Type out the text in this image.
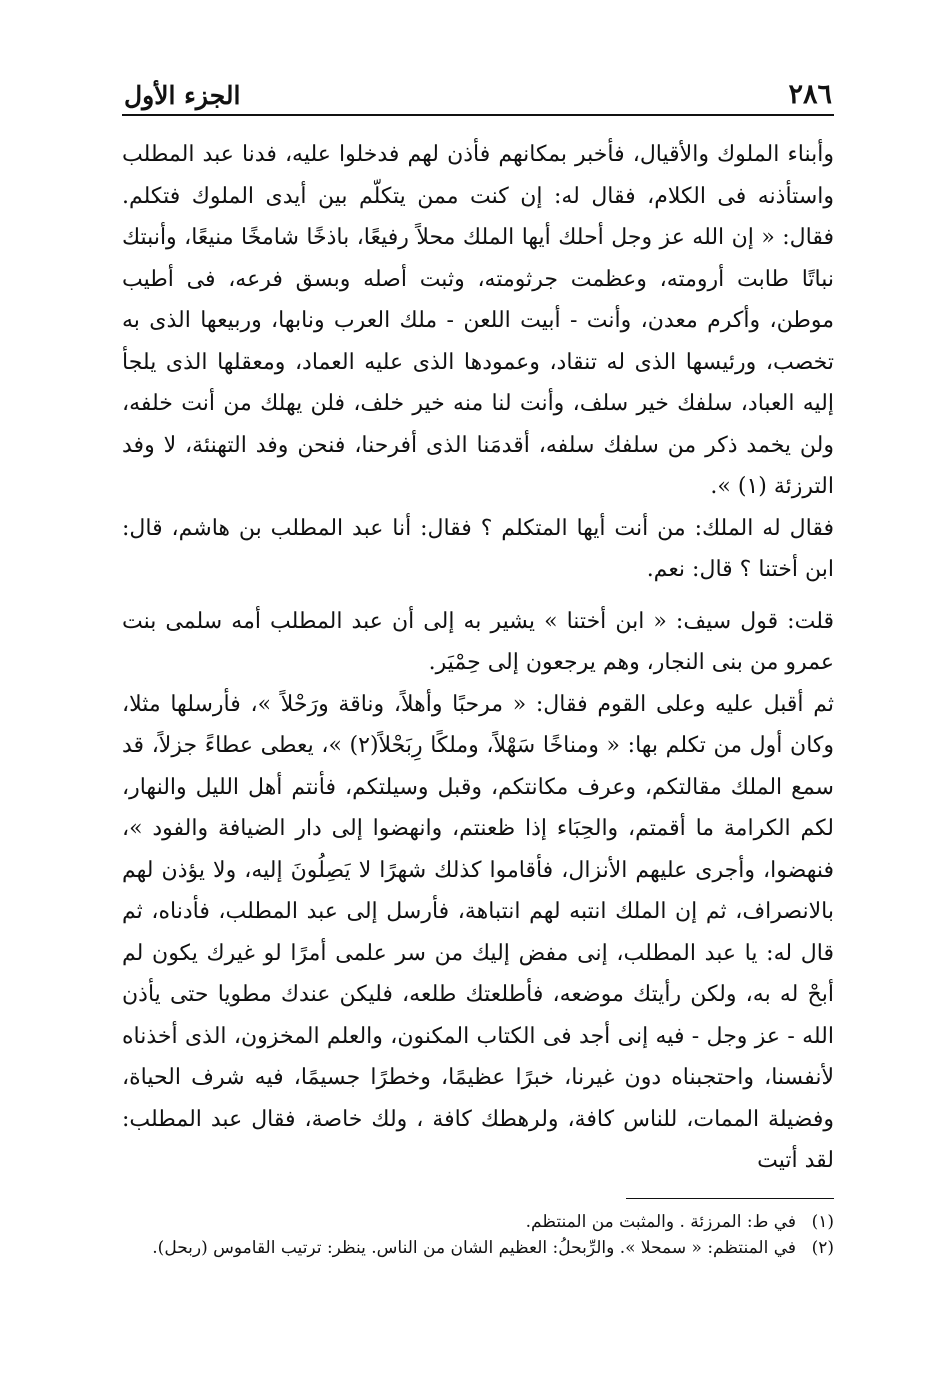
٢٨٦
الجزء الأول

وأبناء الملوك والأقيال، فأخبر بمكانهم فأذن لهم فدخلوا عليه، فدنا عبد المطلب واستأذنه فى الكلام، فقال له: إن كنت ممن يتكلّم بين أيدى الملوك فتكلم. فقال: « إن الله عز وجل أحلك أيها الملك محلاً رفيعًا، باذخًا شامخًا منيعًا، وأنبتك نباتًا طابت أرومته، وعظمت جرثومته، وثبت أصله وبسق فرعه، فى أطيب موطن، وأكرم معدن، وأنت - أبيت اللعن - ملك العرب ونابها، وربيعها الذى به تخصب، ورئيسها الذى له تنقاد، وعمودها الذى عليه العماد، ومعقلها الذى يلجأ إليه العباد، سلفك خير سلف، وأنت لنا منه خير خلف، فلن يهلك من أنت خلفه، ولن يخمد ذكر من سلفك سلفه، أقدمَنا الذى أفرحنا، فنحن وفد التهنئة، لا وفد الترزئة (١) ».

فقال له الملك: من أنت أيها المتكلم ؟ فقال: أنا عبد المطلب بن هاشم، قال: ابن أختنا ؟ قال: نعم.

قلت: قول سيف: « ابن أختنا » يشير به إلى أن عبد المطلب أمه سلمى بنت عمرو من بنى النجار، وهم يرجعون إلى حِمْيَر.

ثم أقبل عليه وعلى القوم فقال: « مرحبًا وأهلاً، وناقة ورَحْلاً »، فأرسلها مثلا، وكان أول من تكلم بها: « ومناخًا سَهْلاً، وملكًا رِبَحْلاً(٢) »، يعطى عطاءً جزلاً، قد سمع الملك مقالتكم، وعرف مكانتكم، وقبل وسيلتكم، فأنتم أهل الليل والنهار، لكم الكرامة ما أقمتم، والحِبَاء إذا ظعنتم، وانهضوا إلى دار الضيافة والفود »، فنهضوا، وأجرى عليهم الأنزال، فأقاموا كذلك شهرًا لا يَصِلُونَ إليه، ولا يؤذن لهم بالانصراف، ثم إن الملك انتبه لهم انتباهة، فأرسل إلى عبد المطلب، فأدناه، ثم قال له: يا عبد المطلب، إنى مفض إليك من سر علمى أمرًا لو غيرك يكون لم أبحْ له به، ولكن رأيتك موضعه، فأطلعتك طلعه، فليكن عندك مطويا حتى يأذن الله - عز وجل - فيه إنى أجد فى الكتاب المكنون، والعلم المخزون، الذى أخذناه لأنفسنا، واحتجبناه دون غيرنا، خبرًا عظيمًا، وخطرًا جسيمًا، فيه شرف الحياة، وفضيلة الممات، للناس كافة، ولرهطك كافة ، ولك خاصة، فقال عبد المطلب: لقد أتيت

(١)
في ط: المرزئة . والمثبت من المنتظم.
(٢)
في المنتظم: « سمحلا ». والرِّبحلُ: العظيم الشان من الناس. ينظر: ترتيب القاموس (ربحل).
